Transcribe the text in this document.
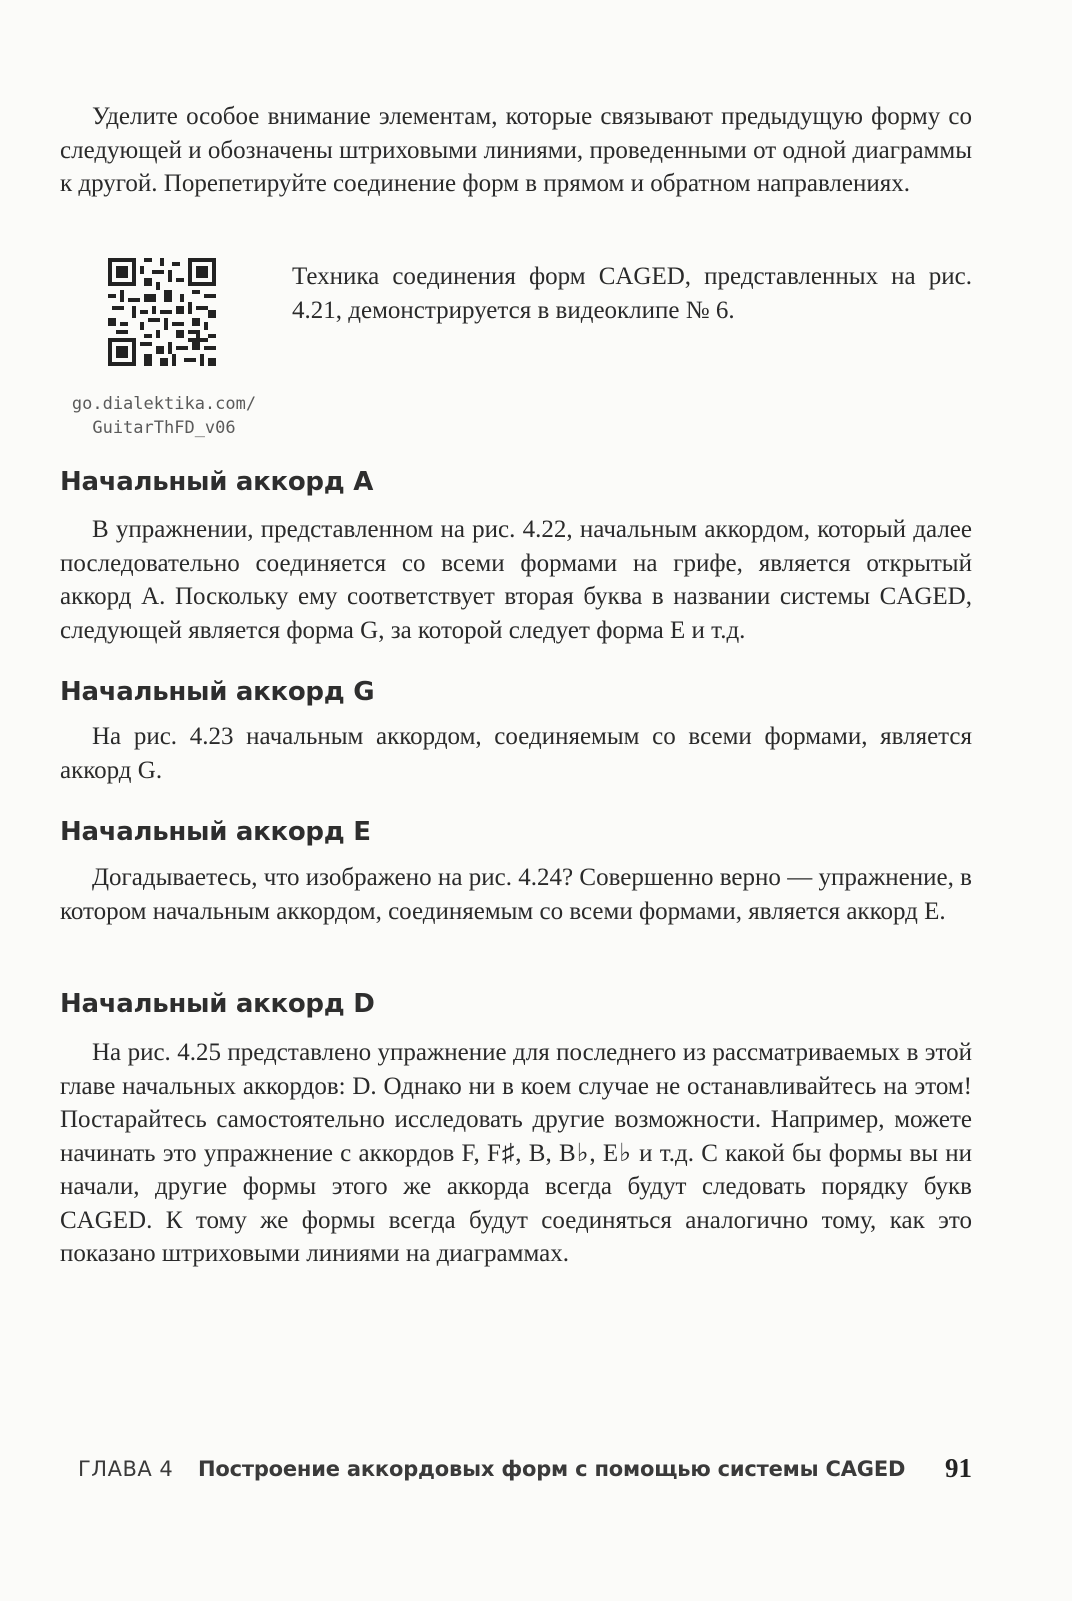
Уделите особое внимание элементам, которые связывают предыдущую форму со следующей и обозначены штриховыми линиями, проведенными от одной диаграммы к другой. Порепетируйте соединение форм в прямом и обратном направлениях.

go.dialektika.com/
GuitarThFD_v06

Техника соединения форм CAGED, представленных на рис. 4.21, демонстрируется в видеоклипе № 6.

Начальный аккорд A

В упражнении, представленном на рис. 4.22, начальным аккордом, который далее последовательно соединяется со всеми формами на грифе, является открытый аккорд А. Поскольку ему соответствует вторая буква в названии системы CAGED, следующей является форма G, за которой следует форма E и т.д.

Начальный аккорд G

На рис. 4.23 начальным аккордом, соединяемым со всеми формами, является аккорд G.

Начальный аккорд E

Догадываетесь, что изображено на рис. 4.24? Совершенно верно — упражнение, в котором начальным аккордом, соединяемым со всеми формами, является аккорд E.

Начальный аккорд D

На рис. 4.25 представлено упражнение для последнего из рассматриваемых в этой главе начальных аккордов: D. Однако ни в коем случае не останавливайтесь на этом! Постарайтесь самостоятельно исследовать другие возможности. Например, можете начинать это упражнение с аккордов F, F♯, B, B♭, E♭ и т.д. С какой бы формы вы ни начали, другие формы этого же аккорда всегда будут следовать порядку букв CAGED. К тому же формы всегда будут соединяться аналогично тому, как это показано штриховыми линиями на диаграммах.

ГЛАВА 4 Построение аккордовых форм с помощью системы CAGED 91
